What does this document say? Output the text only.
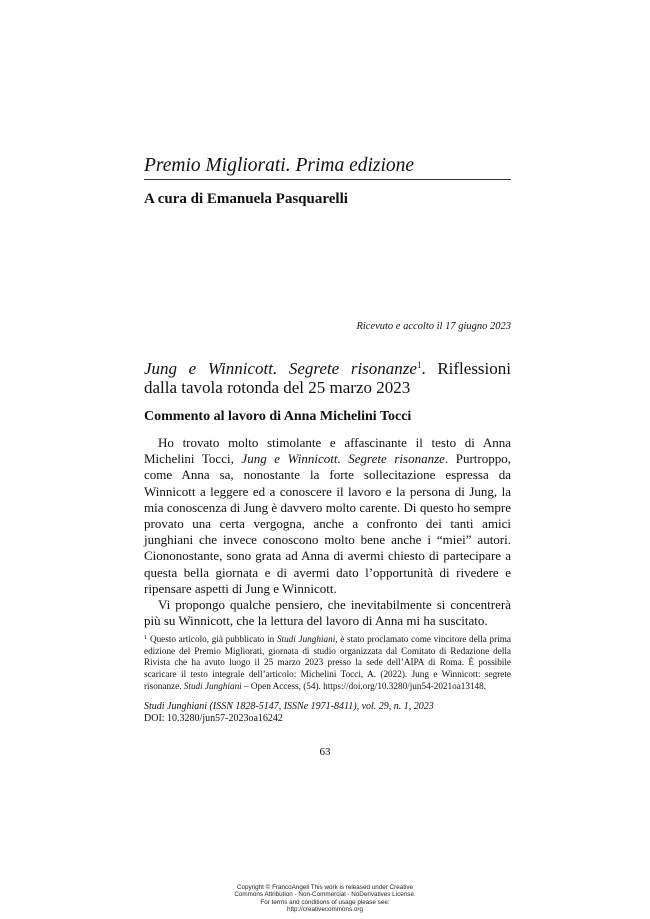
Premio Migliorati. Prima edizione
A cura di Emanuela Pasquarelli
Ricevuto e accolto il 17 giugno 2023
Jung e Winnicott. Segrete risonanze$^1$. Riflessioni dalla tavola rotonda del 25 marzo 2023
Commento al lavoro di Anna Michelini Tocci

Ho trovato molto stimolante e affascinante il testo di Anna Michelini Tocci, Jung e Winnicott. Segrete risonanze. Purtroppo, come Anna sa, nonostante la forte sollecitazione espressa da Winnicott a leggere ed a conoscere il lavoro e la persona di Jung, la mia conoscenza di Jung è davvero molto carente. Di questo ho sempre provato una certa vergogna, anche a confronto dei tanti amici junghiani che invece conoscono molto bene anche i “miei” autori. Ciononostante, sono grata ad Anna di avermi chiesto di partecipare a questa bella giornata e di avermi dato l’opportunità di rivedere e ripensare aspetti di Jung e Winnicott.

Vi propongo qualche pensiero, che inevitabilmente si concentrerà più su Winnicott, che la lettura del lavoro di Anna mi ha suscitato.

$^1$ Questo articolo, già pubblicato in Studi Junghiani, è stato proclamato come vincitore della prima edizione del Premio Migliorati, giornata di studio organizzata dal Comitato di Redazione della Rivista che ha avuto luogo il 25 marzo 2023 presso la sede dell’AIPA di Roma. È possibile scaricare il testo integrale dell’articolo: Michelini Tocci, A. (2022). Jung e Winnicott: segrete risonanze. Studi Junghiani – Open Access, (54). https://doi.org/10.3280/jun54-2021oa13148.
Studi Junghiani (ISSN 1828-5147, ISSNe 1971-8411), vol. 29, n. 1, 2023
DOI: 10.3280/jun57-2023oa16242
63
Copyright © FrancoAngeli This work is released under Creative
Commons Attribution - Non-Commercial - NoDerivatives License.
For terms and conditions of usage please see:
http://creativecommons.org
